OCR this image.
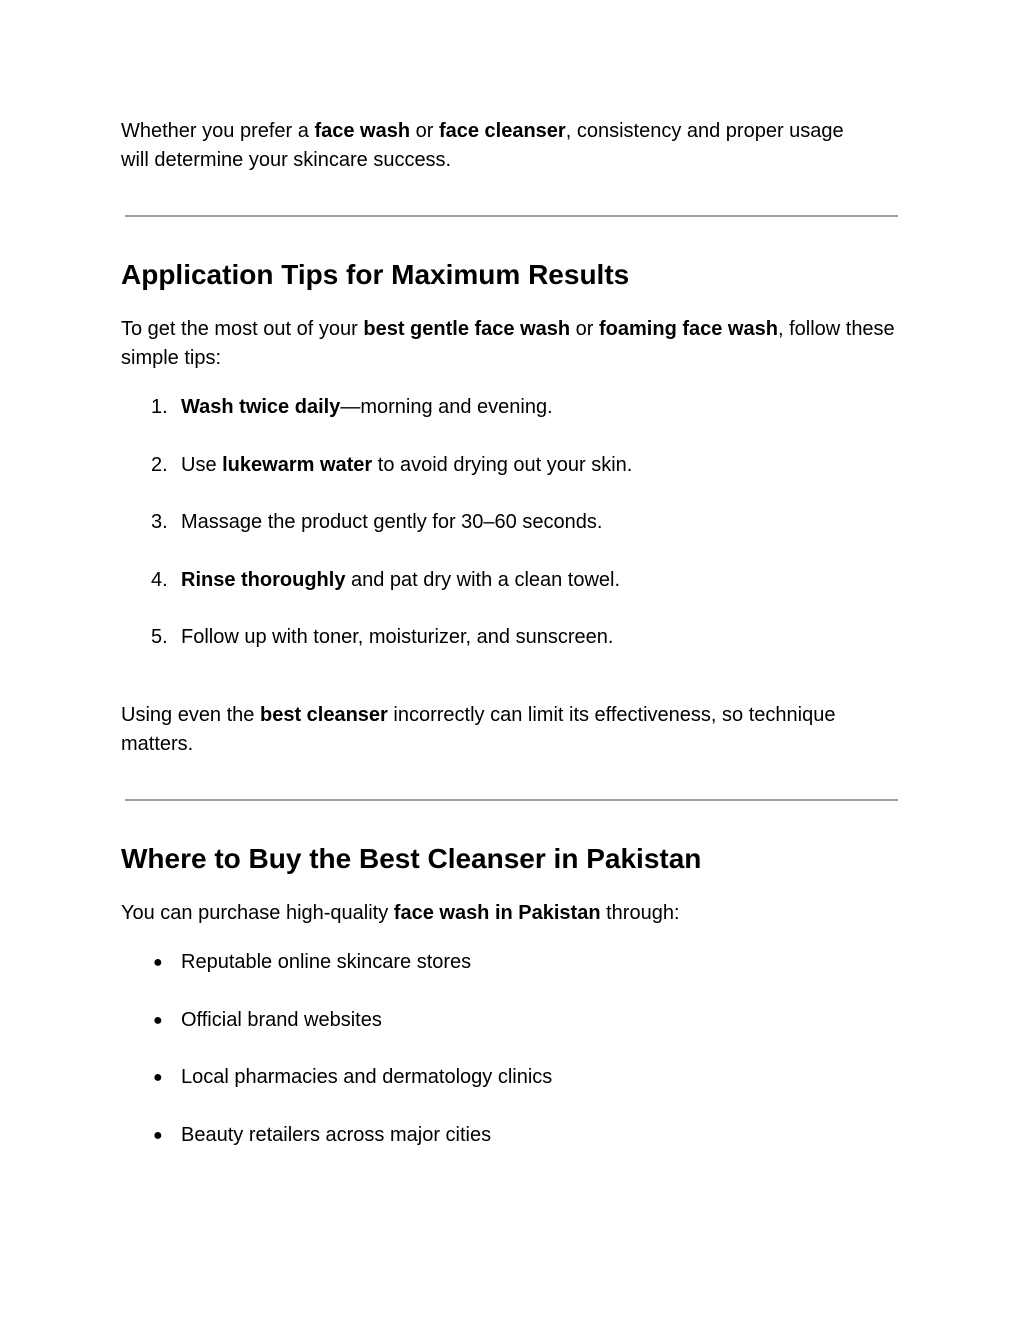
Whether you prefer a face wash or face cleanser, consistency and proper usage will determine your skincare success.

Application Tips for Maximum Results

To get the most out of your best gentle face wash or foaming face wash, follow these simple tips:

1. Wash twice daily—morning and evening.
2. Use lukewarm water to avoid drying out your skin.
3. Massage the product gently for 30–60 seconds.
4. Rinse thoroughly and pat dry with a clean towel.
5. Follow up with toner, moisturizer, and sunscreen.

Using even the best cleanser incorrectly can limit its effectiveness, so technique matters.

Where to Buy the Best Cleanser in Pakistan

You can purchase high-quality face wash in Pakistan through:

● Reputable online skincare stores
● Official brand websites
● Local pharmacies and dermatology clinics
● Beauty retailers across major cities
